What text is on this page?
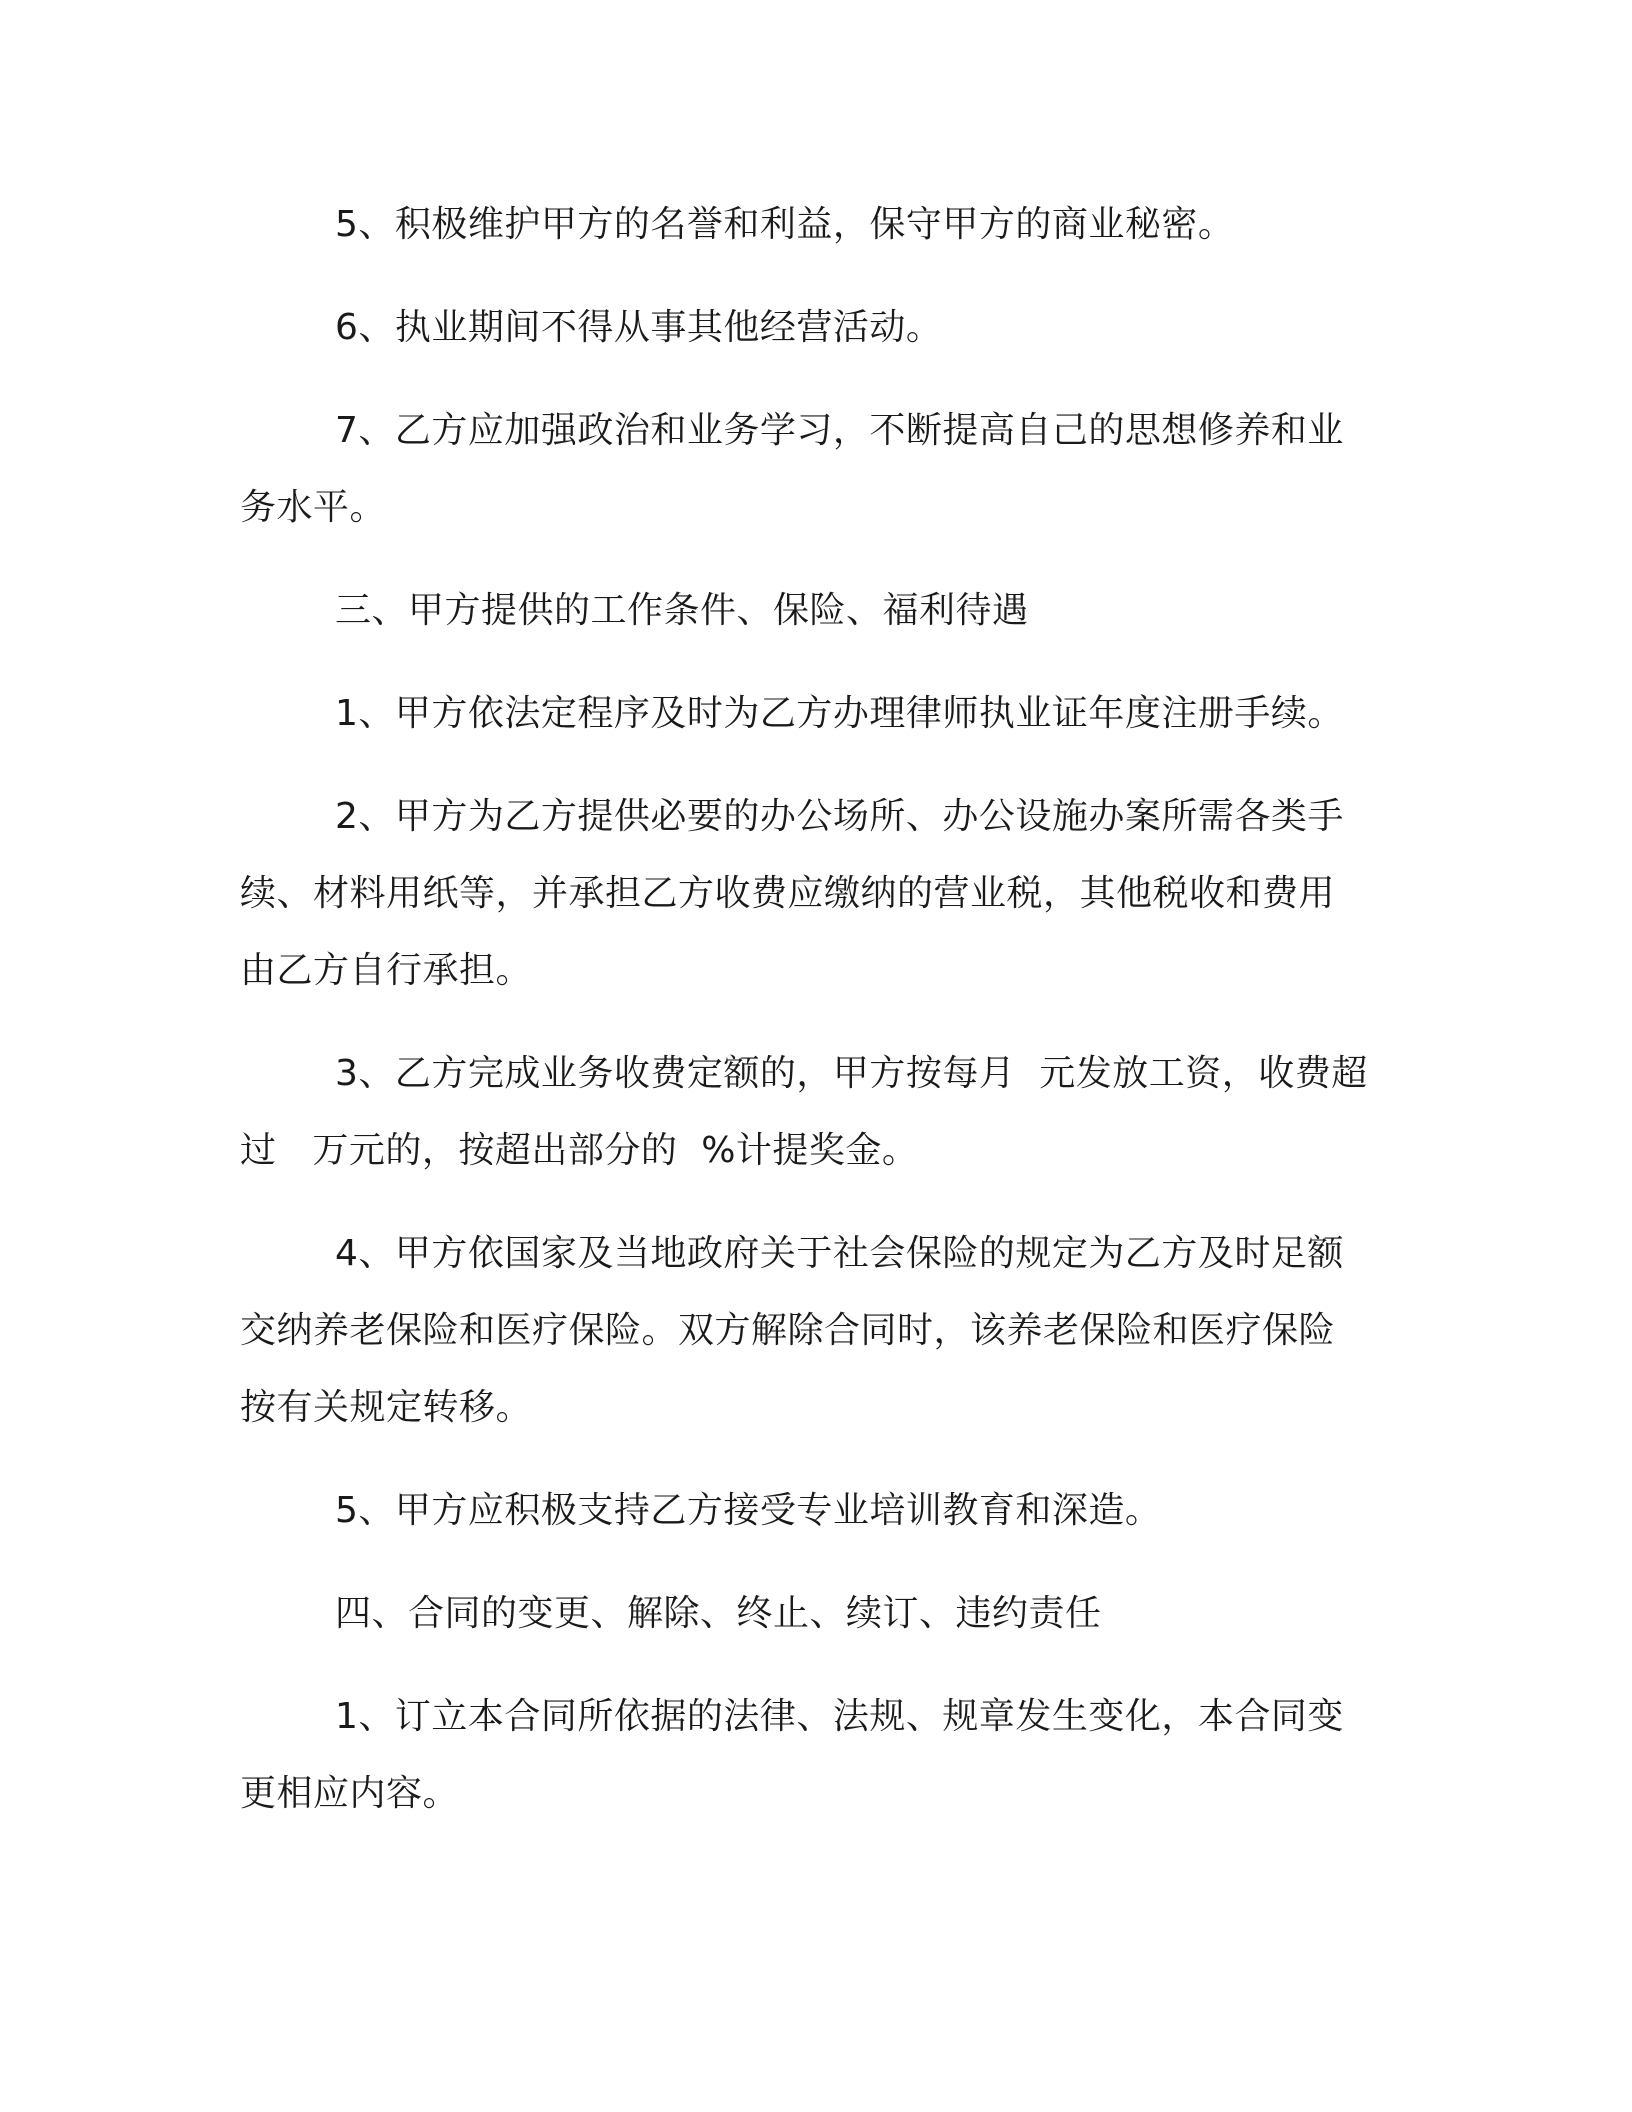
5、积极维护甲方的名誉和利益，保守甲方的商业秘密。
6、执业期间不得从事其他经营活动。
7、乙方应加强政治和业务学习，不断提高自己的思想修养和业
务水平。
三、甲方提供的工作条件、保险、福利待遇
1、甲方依法定程序及时为乙方办理律师执业证年度注册手续。
2、甲方为乙方提供必要的办公场所、办公设施办案所需各类手
续、材料用纸等，并承担乙方收费应缴纳的营业税，其他税收和费用
由乙方自行承担。
3、乙方完成业务收费定额的，甲方按每月  元发放工资，收费超
过   万元的，按超出部分的  %计提奖金。
4、甲方依国家及当地政府关于社会保险的规定为乙方及时足额
交纳养老保险和医疗保险。双方解除合同时，该养老保险和医疗保险
按有关规定转移。
5、甲方应积极支持乙方接受专业培训教育和深造。
四、合同的变更、解除、终止、续订、违约责任
1、订立本合同所依据的法律、法规、规章发生变化，本合同变
更相应内容。
